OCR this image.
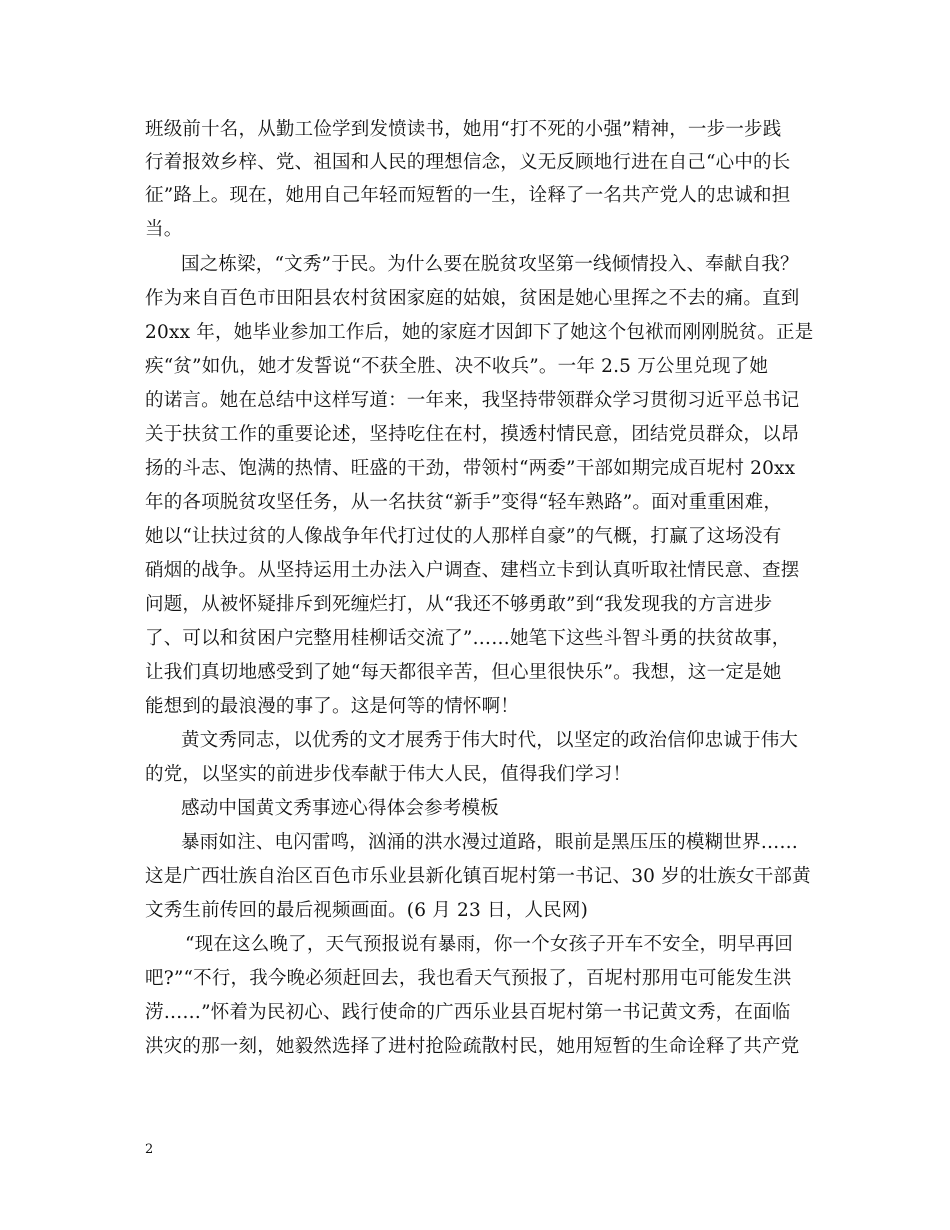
班级前十名，从勤工俭学到发愤读书，她用“打不死的小强”精神，一步一步践
行着报效乡梓、党、祖国和人民的理想信念，义无反顾地行进在自己“心中的长
征”路上。现在，她用自己年轻而短暂的一生，诠释了一名共产党人的忠诚和担
当。
国之栋梁，“文秀”于民。为什么要在脱贫攻坚第一线倾情投入、奉献自我？
作为来自百色市田阳县农村贫困家庭的姑娘，贫困是她心里挥之不去的痛。直到
20xx 年，她毕业参加工作后，她的家庭才因卸下了她这个包袱而刚刚脱贫。正是
疾“贫”如仇，她才发誓说“不获全胜、决不收兵”。一年 2.5 万公里兑现了她
的诺言。她在总结中这样写道：一年来，我坚持带领群众学习贯彻习近平总书记
关于扶贫工作的重要论述，坚持吃住在村，摸透村情民意，团结党员群众，以昂
扬的斗志、饱满的热情、旺盛的干劲，带领村“两委”干部如期完成百坭村 20xx
年的各项脱贫攻坚任务，从一名扶贫“新手”变得“轻车熟路”。面对重重困难，
她以“让扶过贫的人像战争年代打过仗的人那样自豪”的气概，打赢了这场没有
硝烟的战争。从坚持运用土办法入户调查、建档立卡到认真听取社情民意、查摆
问题，从被怀疑排斥到死缠烂打，从“我还不够勇敢”到“我发现我的方言进步
了、可以和贫困户完整用桂柳话交流了”……她笔下这些斗智斗勇的扶贫故事，
让我们真切地感受到了她“每天都很辛苦，但心里很快乐”。我想，这一定是她
能想到的最浪漫的事了。这是何等的情怀啊！
黄文秀同志，以优秀的文才展秀于伟大时代，以坚定的政治信仰忠诚于伟大
的党，以坚实的前进步伐奉献于伟大人民，值得我们学习！
感动中国黄文秀事迹心得体会参考模板
暴雨如注、电闪雷鸣，汹涌的洪水漫过道路，眼前是黑压压的模糊世界……
这是广西壮族自治区百色市乐业县新化镇百坭村第一书记、30 岁的壮族女干部黄
文秀生前传回的最后视频画面。(6 月 23 日，人民网)
“现在这么晚了，天气预报说有暴雨，你一个女孩子开车不安全，明早再回
吧?”“不行，我今晚必须赶回去，我也看天气预报了，百坭村那用屯可能发生洪
涝……”怀着为民初心、践行使命的广西乐业县百坭村第一书记黄文秀，在面临
洪灾的那一刻，她毅然选择了进村抢险疏散村民，她用短暂的生命诠释了共产党
2
